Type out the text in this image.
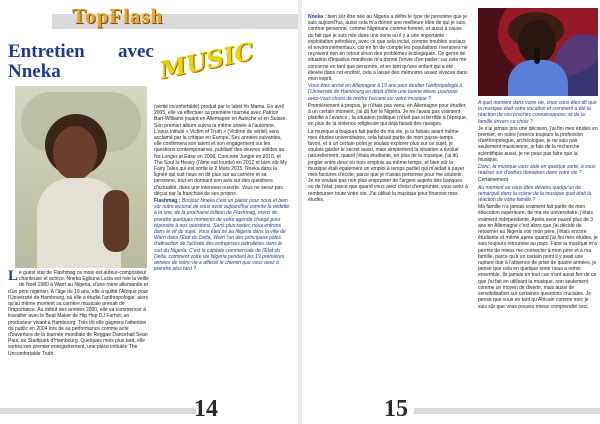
TopFlash
Entretien avec
Nneka	MUSIC

Le guest star de Flashmag ce mois est auteur-compositeur chanteuse et actrice. Nneka Egbuna Lucia est née la veille de Noël 1980 à Warri au Nigeria, d'une mère allemande et d'un père nigérian. À l'âge de 19 ans, elle a quitté l'Afrique pour l'Université de Hambourg, où elle a étudié l'anthropologie; alors qu'au même moment sa carrière musicale prenait de l'importance. Au début des années 2000, elle va commencer à travailler avec le Beat Maker de Hip Hop DJ Farhot, un producteur vivant à Hambourg. Très tôt elle gagnera l'attention du public en 2004 lors de sa performance comme acte d'ouverture de la tournée mondiale de Reggae Dancehall Sean Paul, au Stadtpark d'Hambourg. Quelques mois plus tard, elle sortira son premier enregistrement, une pièce intitulée The Uncomfortable Truth

(vérité inconfortable) produit par le label Yo Mama. En avril 2005, elle va effectuer sa première tournée avec Patrice Bart-Williams jouant en Allemagne en Autriche et en Suisse. Son premier album suivra la même année à l'automne. L'opus intitulé « Victim of Truth » (Victime de vérité) sera acclamé par la critique en Europe. Ses années suivantes, elle confirmera son talent et son engagement sur les questions contemporaines, publiant des œuvres solides au No Longer at Ease en 2008, Concrete Jungle en 2010, et The Soul Is Heavy (l'âme est lourde) en 2012 et bien sûr My Fairy Tales qui est sortie le 2 Mars 2015. Nneka dans la lignée qui suit nous en dit plus sur sa carrière et sa personne, tout en donnant son avis sur des questions d'actualité, dans une interview ouverte. Vous ne serez pas déçus par la franchise de ses propos.

Flashmag : Bonjour Nneka c'est un plaisir pour nous et bien sûr notre lectorat de vous avoir aujourd'hui comme la vedette à la une, de la prochaine édition de Flashmag, merci de prendre quelques moments de votre agenda chargé pour répondre à nos questions. Sans plus tarder, nous entrons dans le vif du sujet. Vous êtes né au Nigeria dans la ville de Warri dans l'État du Delta, Warri l'un des principaux pôles d'attraction de l'activité des entreprises pétrolières dans le sud du Nigeria. C'est la capitale commerciale de l'État du Delta, comment votre vie Nigeria pendant les 19 premières années de votre vie a affecté le chemin que vous avez à prendre plus tard ?

14

Nneka : bien sûr être née au Nigeria a défini le type de personne que je suis aujourd'hui, aussi cela m'a donné une meilleure idée de qui je suis, comme personne, comme Nigériane comme femme, et aussi à cause du fait que je suis née dans une zone où il y a une importante exploitation pétrolière, avec ce que cela inclut, comme troubles sociaux et environnementaux, car en fin de compte les populations riveraines ne reçoivent rien en retour sinon des problèmes écologiques. Ce genre de situation d'injustice manifeste m'a donné l'envie d'en parler; car cela me concerne en tant que personne, et en tant qu'une enfant qui a été élevée dans cet endroit, cela a laissé des mémoires assez vivaces dans mon esprit.

Vous êtes arrivé en Allemagne à 19 ans pour étudier l'anthropologie à l'Université de Hambourg en dépit d'être une bonne élève, pourquoi avez-vous choisi de mettre l'accent sur votre musique ?

Premièrement à propos, je n'étais pas venu, en Allemagne pour étudier, à un certain moment, j'ai dû fuir le Nigeria. Je ne l'avais pas vraiment planifié à l'avance ; la situation politique n'était pas si terrible à l'époque, en plus de la violence religieuse qui déjà faisait des ravages.

La musique a toujours fait partie de ma vie, je la faisais avant même mes études universitaires, cela faisait partie de mon passe-temps favori, et à un certain point je voulais explorer plus sur ce sujet, je voulais garder le secret aussi, mais simplement la situation a évolué naturellement, quand j'étais étudiante, en plus de la musique, j'ai dû jongler entre deux ou trois emplois au même temps, et bien sûr la musique était également un emploi à temps partiel qui m'aidait à payer mes factures d'école; parce que je n'avais personne pour me soutenir. Je ne voulais pas non plus emprunter de l'argent auprès des banques ou de l'état, parce que quand vous avez choisi d'emprunter, vous avez à rembourser toute votre vie. J'ai utilisé la musique pour financer mes études.

A quel moment dans votre vie, vous vous êtes dit que la musique était votre vocation et comment a été la réaction de vos proches connaissances, et de la famille envers ce choix ?

Je n'ai jamais pris une décision, j'ai fini mes études en premier, en outre j'exerce toujours la profession d'anthropologue, archéologue, je ne suis pas seulement musicienne, je fais de la recherche scientifique aussi, je ne peux pas faire que la musique.

Donc, la musique vous aide en quelque sorte, à vous réaliser sur d'autres domaines dans votre vie ?

Certainement

Au moment où vous êtes devenu quelqu'un de remarqué dans la scène de la musique quel était la réaction de votre famille ?

Ma famille n'a jamais vraiment fait partie de mon éducation supérieure, de ma vie universitaire, j'étais vraiment indépendante. Après avoir passé plus de 3 ans en Allemagne c'est alors que j'ai décidé de retourner au Nigeria voir mon père, j'étais encore étudiante et même après quand j'ai fini mes études, je suis toujours retournée au pays. Faire la musique m'a permis de mieux me connecter à mon père et à ma famille, parce qu'à un certain point il y avait une rupture due à l'absence de prise de quatre années, je pense que cela en quelque sorte nous a remis ensemble. Ils jamais en tout cas n'ont aussi fier de ce que j'ai fait en utilisant la musique, non seulement comme un moyen de divertir, mais aussi de sensibilisation sur certaines questions cruciales. Je pense que vous en tant qu'Africain comme moi; je suis sûr que vous pouvez mieux comprendre ceci.

15
